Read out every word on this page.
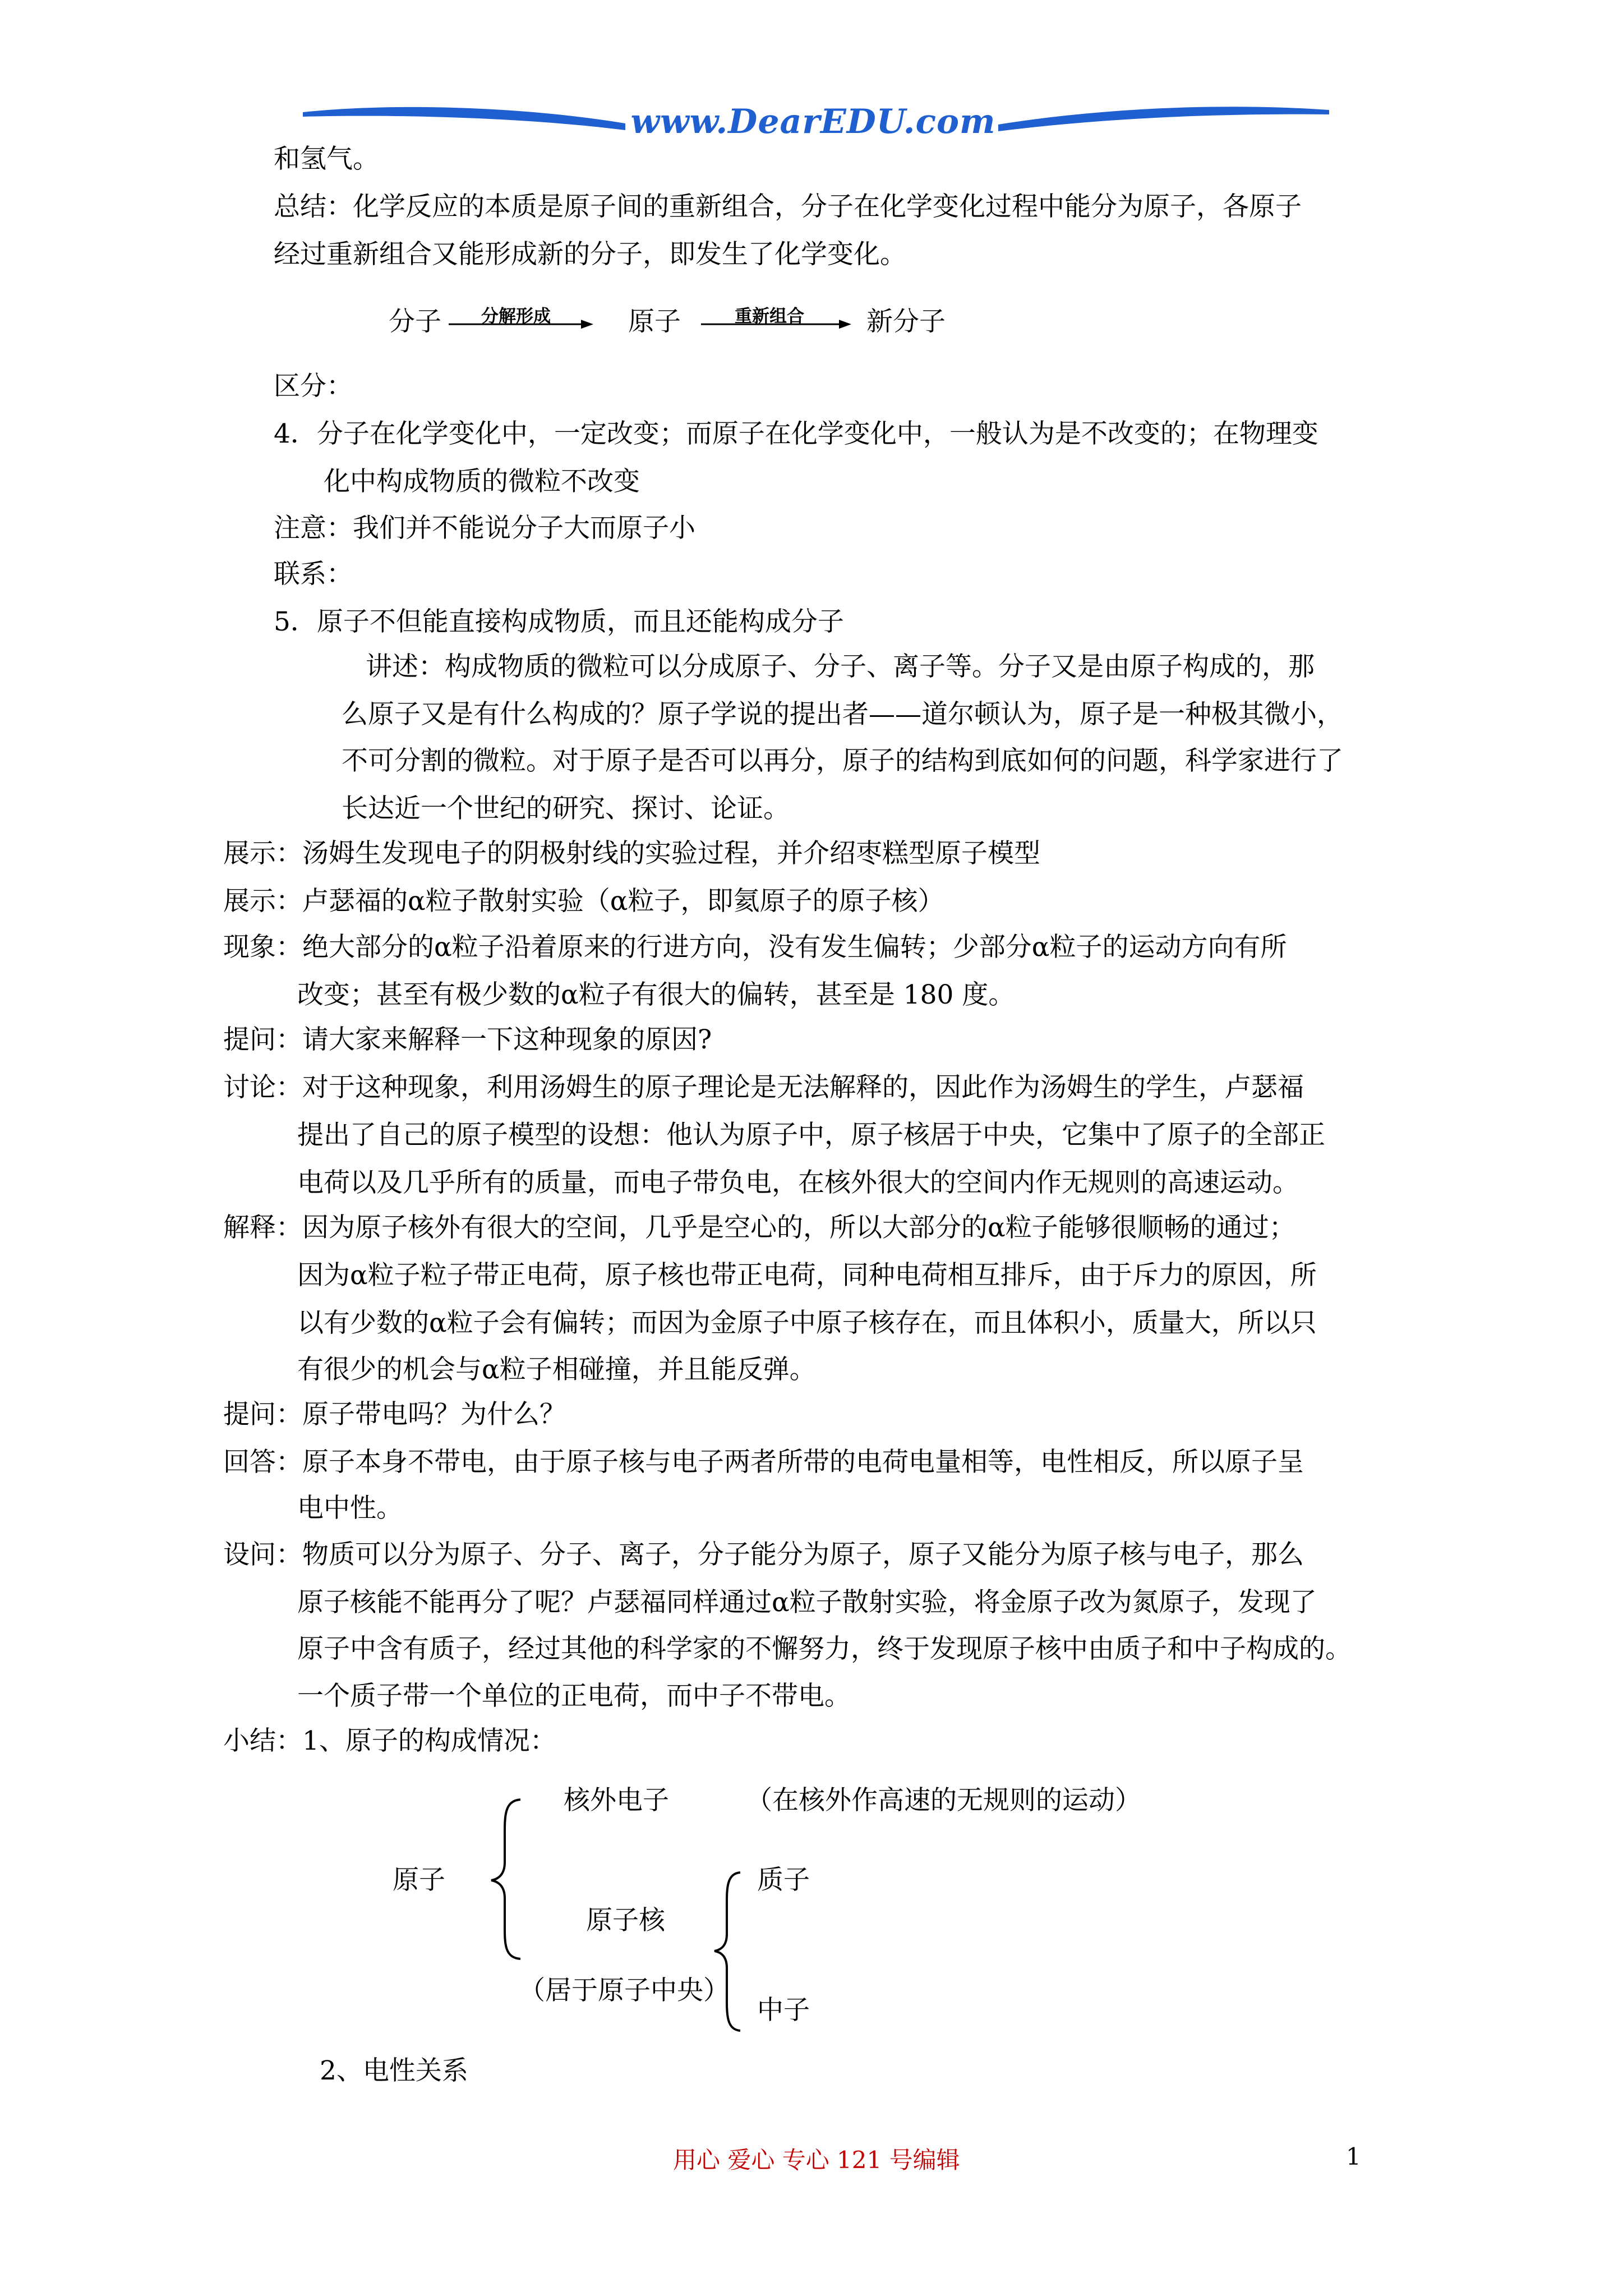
www.DearEDU.com
和氢气。
总结：化学反应的本质是原子间的重新组合，分子在化学变化过程中能分为原子，各原子
经过重新组合又能形成新的分子，即发生了化学变化。
分子 分解形成	原子	重新组合 新分子
区分：
4．分子在化学变化中，一定改变；而原子在化学变化中，一般认为是不改变的；在物理变
化中构成物质的微粒不改变
注意：我们并不能说分子大而原子小
联系：
5．原子不但能直接构成物质，而且还能构成分子
讲述：构成物质的微粒可以分成原子、分子、离子等。分子又是由原子构成的，那
么原子又是有什么构成的？原子学说的提出者——道尔顿认为，原子是一种极其微小，
不可分割的微粒。对于原子是否可以再分，原子的结构到底如何的问题，科学家进行了
长达近一个世纪的研究、探讨、论证。
展示：汤姆生发现电子的阴极射线的实验过程，并介绍枣糕型原子模型
展示：卢瑟福的α粒子散射实验（α粒子，即氦原子的原子核）
现象：绝大部分的α粒子沿着原来的行进方向，没有发生偏转；少部分α粒子的运动方向有所
改变；甚至有极少数的α粒子有很大的偏转，甚至是 180 度。
提问：请大家来解释一下这种现象的原因?
讨论：对于这种现象，利用汤姆生的原子理论是无法解释的，因此作为汤姆生的学生，卢瑟福
提出了自己的原子模型的设想：他认为原子中，原子核居于中央，它集中了原子的全部正
电荷以及几乎所有的质量，而电子带负电，在核外很大的空间内作无规则的高速运动。
解释：因为原子核外有很大的空间，几乎是空心的，所以大部分的α粒子能够很顺畅的通过；
因为α粒子粒子带正电荷，原子核也带正电荷，同种电荷相互排斥，由于斥力的原因，所
以有少数的α粒子会有偏转；而因为金原子中原子核存在，而且体积小，质量大，所以只
有很少的机会与α粒子相碰撞，并且能反弹。
提问：原子带电吗？为什么？
回答：原子本身不带电，由于原子核与电子两者所带的电荷电量相等，电性相反，所以原子呈
电中性。
设问：物质可以分为原子、分子、离子，分子能分为原子，原子又能分为原子核与电子，那么
原子核能不能再分了呢？卢瑟福同样通过α粒子散射实验，将金原子改为氮原子，发现了
原子中含有质子，经过其他的科学家的不懈努力，终于发现原子核中由质子和中子构成的。
一个质子带一个单位的正电荷，而中子不带电。
小结：1、原子的构成情况：
原子
核外电子	（在核外作高速的无规则的运动）
原子核
（居于原子中央）
质子
中子
2、电性关系
用心 爱心 专心 121 号编辑	1
